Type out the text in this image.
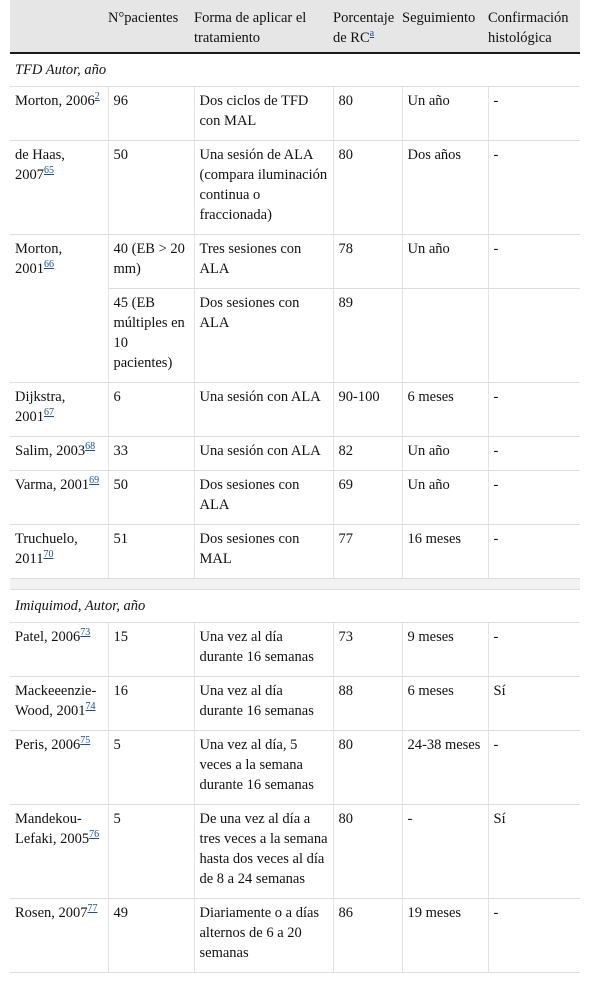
	N°pacientes	Forma de aplicar el tratamiento	Porcentaje de RC$^a$	Seguimiento	Confirmación histológica
TFD Autor, año					
Morton, 2006$^2$	96	Dos ciclos de TFD con MAL	80	Un año	-
de Haas, 2007$^{65}$	50	Una sesión de ALA (compara iluminación continua o fraccionada)	80	Dos años	-
Morton, 2001$^{66}$	40 (EB > 20 mm)	Tres sesiones con ALA	78	Un año	-
	45 (EB múltiples en 10 pacientes)	Dos sesiones con ALA	89		
Dijkstra, 2001$^{67}$	6	Una sesión con ALA	90-100	6 meses	-
Salim, 2003$^{68}$	33	Una sesión con ALA	82	Un año	-
Varma, 2001$^{69}$	50	Dos sesiones con ALA	69	Un año	-
Truchuelo, 2011$^{70}$	51	Dos sesiones con MAL	77	16 meses	-

Imiquimod, Autor, año					
Patel, 2006$^{73}$	15	Una vez al día durante 16 semanas	73	9 meses	-
Mackeeenzie-Wood, 2001$^{74}$	16	Una vez al día durante 16 semanas	88	6 meses	Sí
Peris, 2006$^{75}$	5	Una vez al día, 5 veces a la semana durante 16 semanas	80	24-38 meses	-
Mandekou-Lefaki, 2005$^{76}$	5	De una vez al día a tres veces a la semana hasta dos veces al día de 8 a 24 semanas	80	-	Sí
Rosen, 2007$^{77}$	49	Diariamente o a días alternos de 6 a 20 semanas	86	19 meses	-
